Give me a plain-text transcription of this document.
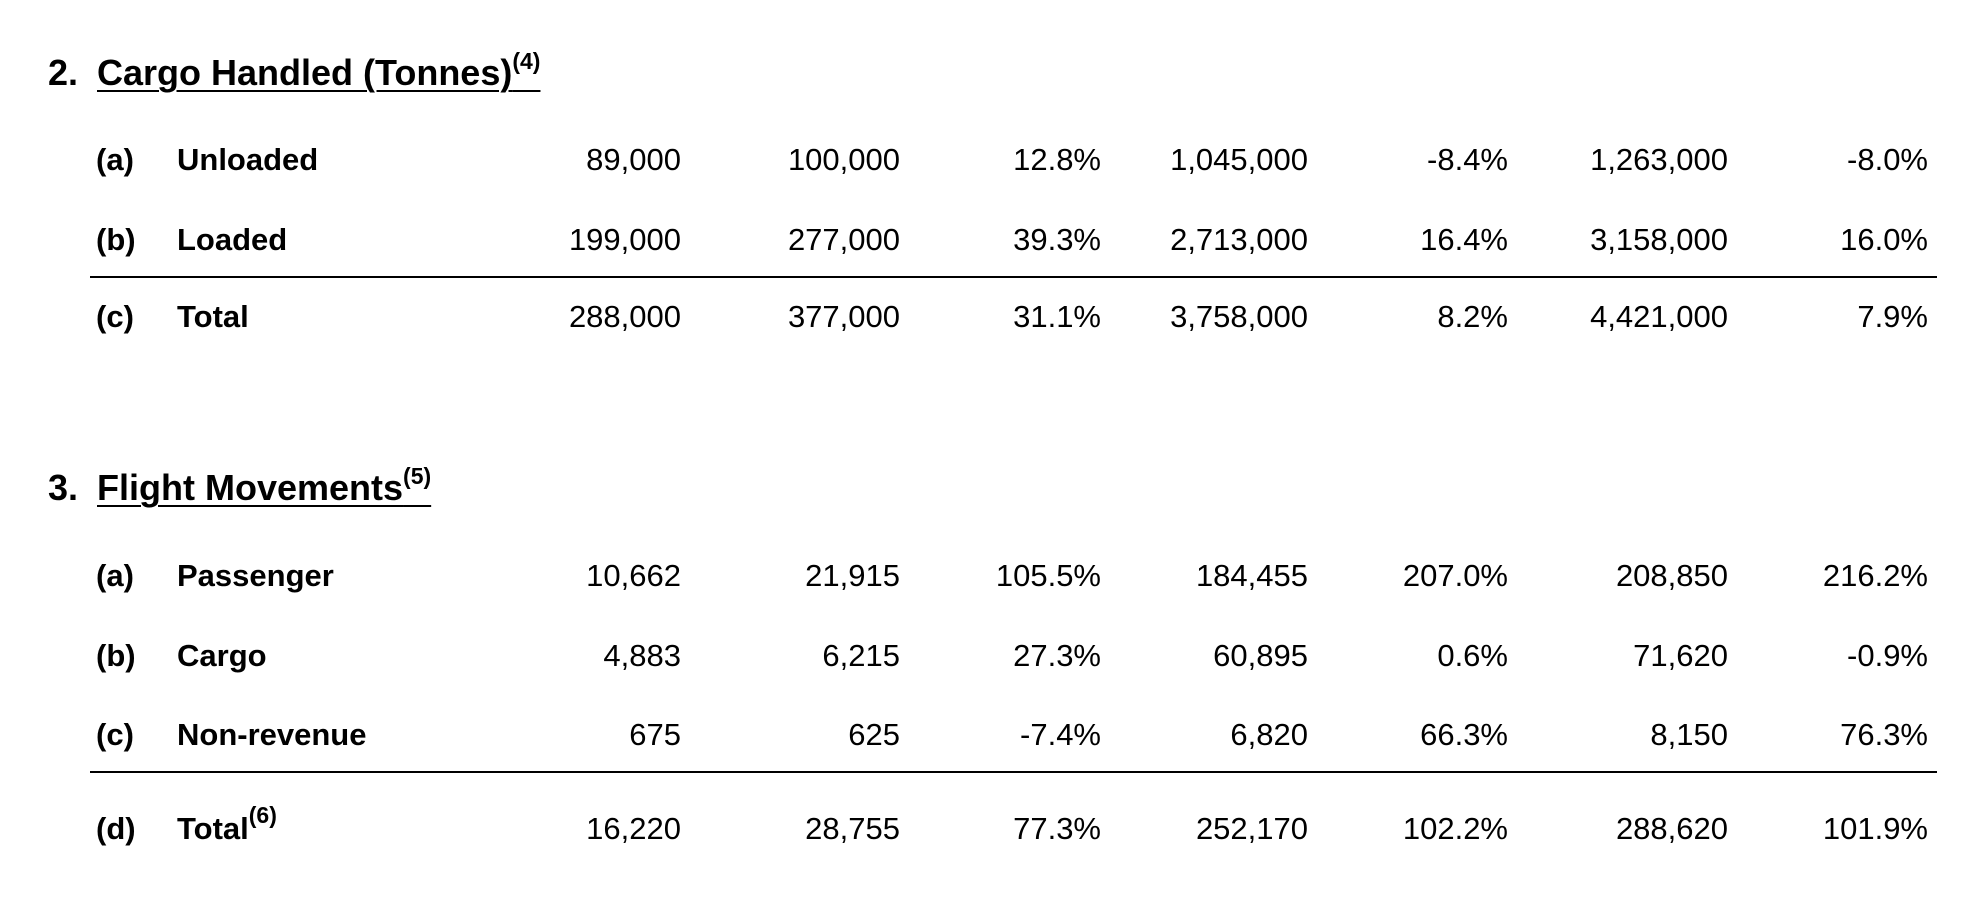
2. Cargo Handled (Tonnes)$^{(4)}$
(a) Unloaded	89,000	100,000	12.8% 1,045,000	-8.4%	1,263,000	-8.0%
(b) Loaded	199,000	277,000	39.3% 2,713,000	16.4%	3,158,000	16.0%
(c) Total	288,000	377,000	31.1% 3,758,000	8.2%	4,421,000	7.9%
3. Flight Movements$^{(5)}$
(a) Passenger	10,662	21,915	105.5%	184,455	207.0%	208,850	216.2%
(b) Cargo	4,883	6,215	27.3%	60,895	0.6%	71,620	-0.9%
(c) Non-revenue	675	625	-7.4%	6,820	66.3%	8,150	76.3%
(d) Total$^{(6)}$	16,220	28,755	77.3%	252,170	102.2%	288,620	101.9%
